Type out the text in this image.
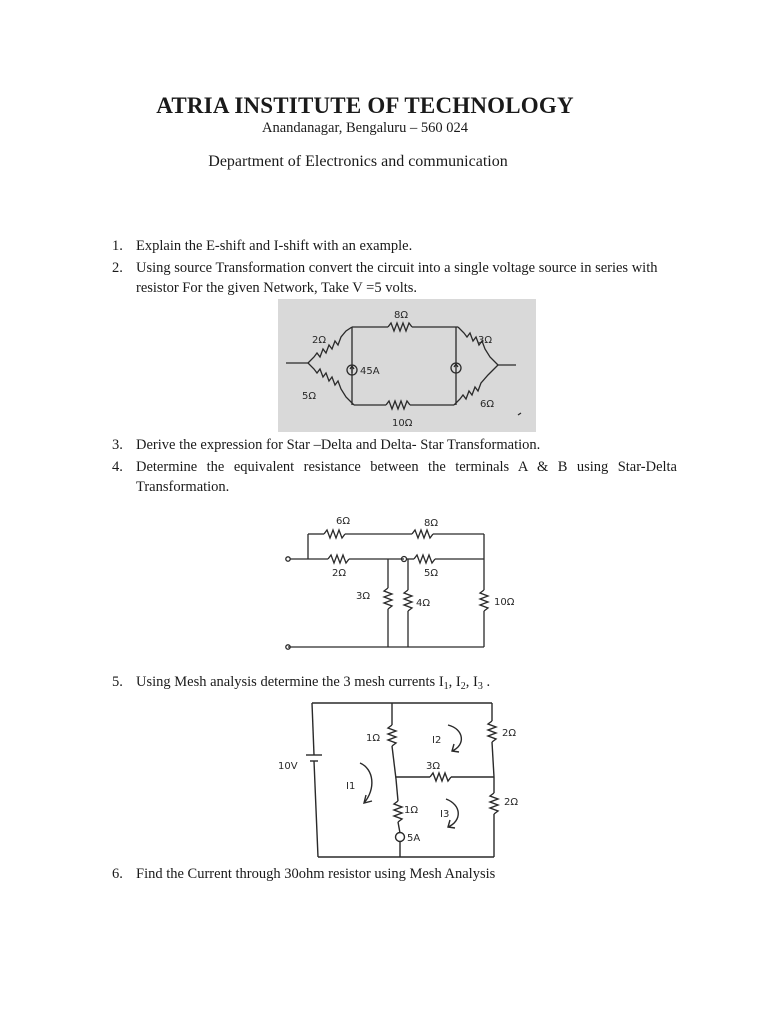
ATRIA INSTITUTE OF TECHNOLOGY
Anandanagar, Bengaluru – 560 024
Department of Electronics and communication
1. Explain the E-shift and I-shift with an example.
2. Using source Transformation convert the circuit into a single voltage source in series with resistor For the given Network, Take V =5 volts.
8Ω
2Ω
45A
3Ω
5Ω
6Ω
10Ω
3. Derive the expression for Star –Delta and Delta- Star Transformation.
4. Determine the equivalent resistance between the terminals A & B using Star-Delta Transformation.
6Ω	8Ω
2Ω	5Ω
3Ω
4Ω	10Ω
5. Using Mesh analysis determine the 3 mesh currents $I_1$, $I_2$, $I_3$ .
1Ω	I2
2Ω
10V	3Ω
I1
1Ω I3
2Ω
5A
6. Find the Current through 30ohm resistor using Mesh Analysis
